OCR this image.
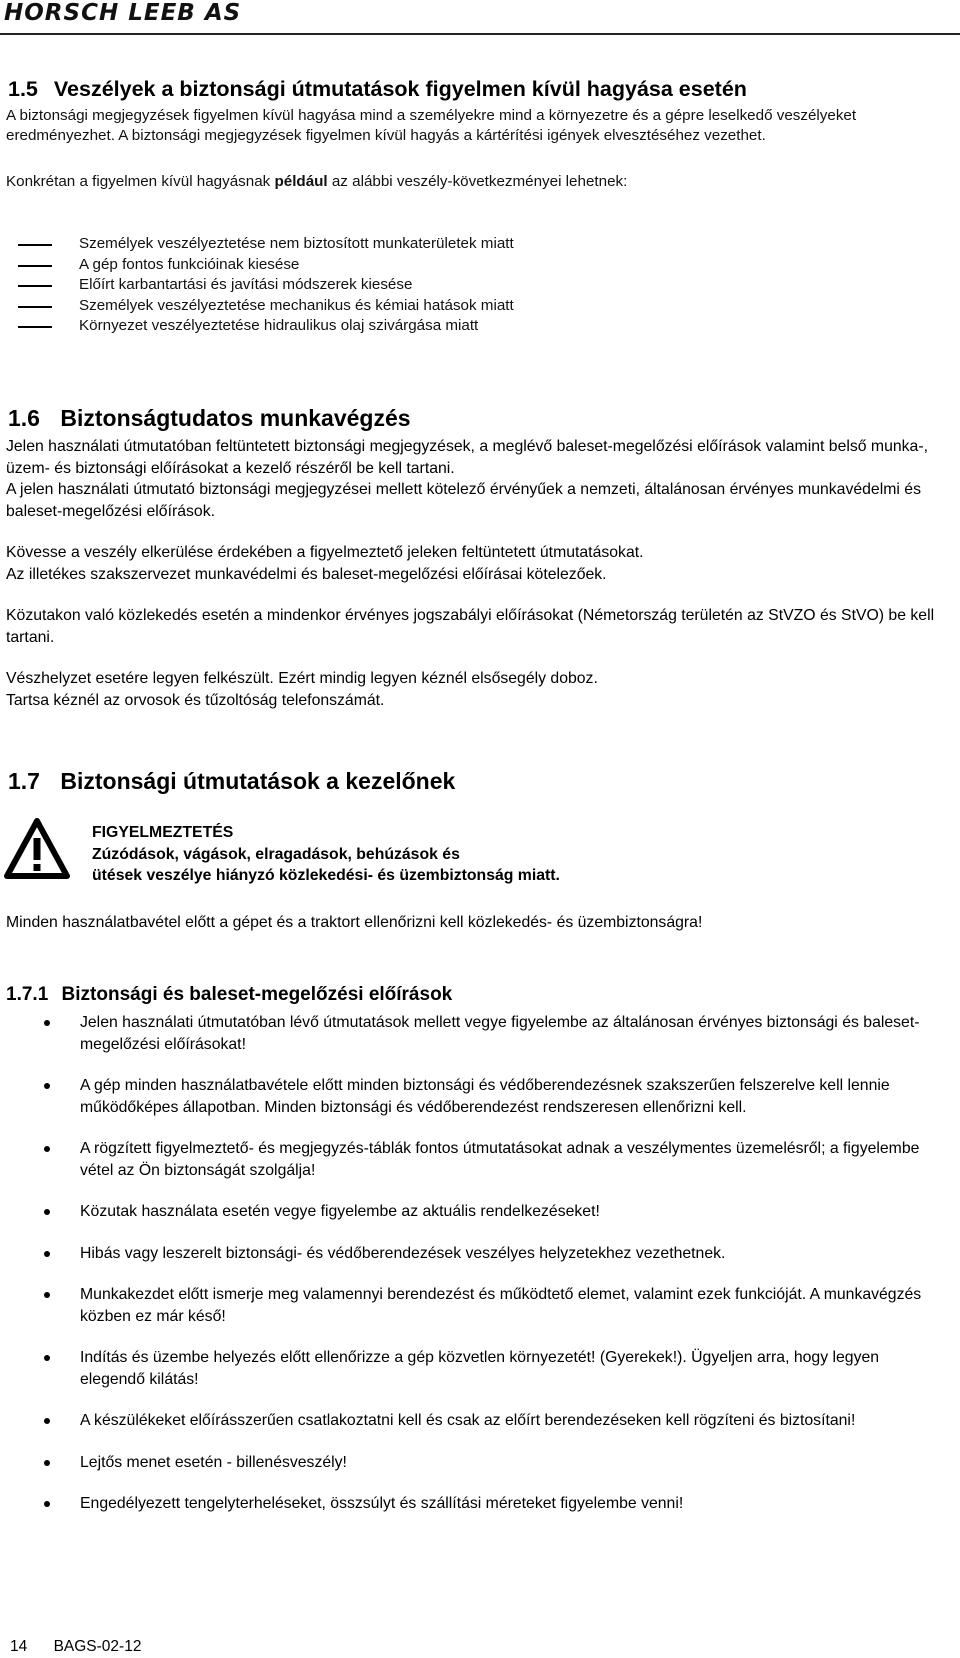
HORSCH LEEB AS
1.5 Veszélyek a biztonsági útmutatások figyelmen kívül hagyása esetén

A biztonsági megjegyzések figyelmen kívül hagyása mind a személyekre mind a környezetre és a gépre leselkedő veszélyeket eredményezhet. A biztonsági megjegyzések figyelmen kívül hagyás a kártérítési igények elvesztéséhez vezethet.

Konkrétan a figyelmen kívül hagyásnak például az alábbi veszély-következményei lehetnek:

Személyek veszélyeztetése nem biztosított munkaterületek miatt
A gép fontos funkcióinak kiesése
Előírt karbantartási és javítási módszerek kiesése
Személyek veszélyeztetése mechanikus és kémiai hatások miatt
Környezet veszélyeztetése hidraulikus olaj szivárgása miatt
1.6 Biztonságtudatos munkavégzés

Jelen használati útmutatóban feltüntetett biztonsági megjegyzések, a meglévő baleset-megelőzési előírások valamint belső munka-, üzem- és biztonsági előírásokat a kezelő részéről be kell tartani.

A jelen használati útmutató biztonsági megjegyzései mellett kötelező érvényűek a nemzeti, általánosan érvényes munkavédelmi és baleset-megelőzési előírások.

Kövesse a veszély elkerülése érdekében a figyelmeztető jeleken feltüntetett útmutatásokat.

Az illetékes szakszervezet munkavédelmi és baleset-megelőzési előírásai kötelezőek.

Közutakon való közlekedés esetén a mindenkor érvényes jogszabályi előírásokat (Németország területén az StVZO és StVO) be kell tartani.

Vészhelyzet esetére legyen felkészült. Ezért mindig legyen kéznél elsősegély doboz.

Tartsa kéznél az orvosok és tűzoltóság telefonszámát.

1.7 Biztonsági útmutatások a kezelőnek
FIGYELMEZTETÉS
Zúzódások, vágások, elragadások, behúzások és
ütések veszélye hiányzó közlekedési- és üzembiztonság miatt.

Minden használatbavétel előtt a gépet és a traktort ellenőrizni kell közlekedés- és üzembiztonságra!

1.7.1 Biztonsági és baleset-megelőzési előírások
Jelen használati útmutatóban lévő útmutatások mellett vegye figyelembe az általánosan érvényes biztonsági és baleset-megelőzési előírásokat!
A gép minden használatbavétele előtt minden biztonsági és védőberendezésnek szakszerűen felszerelve kell lennie működőképes állapotban. Minden biztonsági és védőberendezést rendszeresen ellenőrizni kell.
A rögzített figyelmeztető- és megjegyzés-táblák fontos útmutatásokat adnak a veszélymentes üzemelésről; a figyelembe vétel az Ön biztonságát szolgálja!
Közutak használata esetén vegye figyelembe az aktuális rendelkezéseket!
Hibás vagy leszerelt biztonsági- és védőberendezések veszélyes helyzetekhez vezethetnek.
Munkakezdet előtt ismerje meg valamennyi berendezést és működtető elemet, valamint ezek funkcióját. A munkavégzés közben ez már késő!
Indítás és üzembe helyezés előtt ellenőrizze a gép közvetlen környezetét! (Gyerekek!). Ügyeljen arra, hogy legyen elegendő kilátás!
A készülékeket előírásszerűen csatlakoztatni kell és csak az előírt berendezéseken kell rögzíteni és biztosítani!
Lejtős menet esetén - billenésveszély!
Engedélyezett tengelyterheléseket, összsúlyt és szállítási méreteket figyelembe venni!
14 BAGS-02-12
